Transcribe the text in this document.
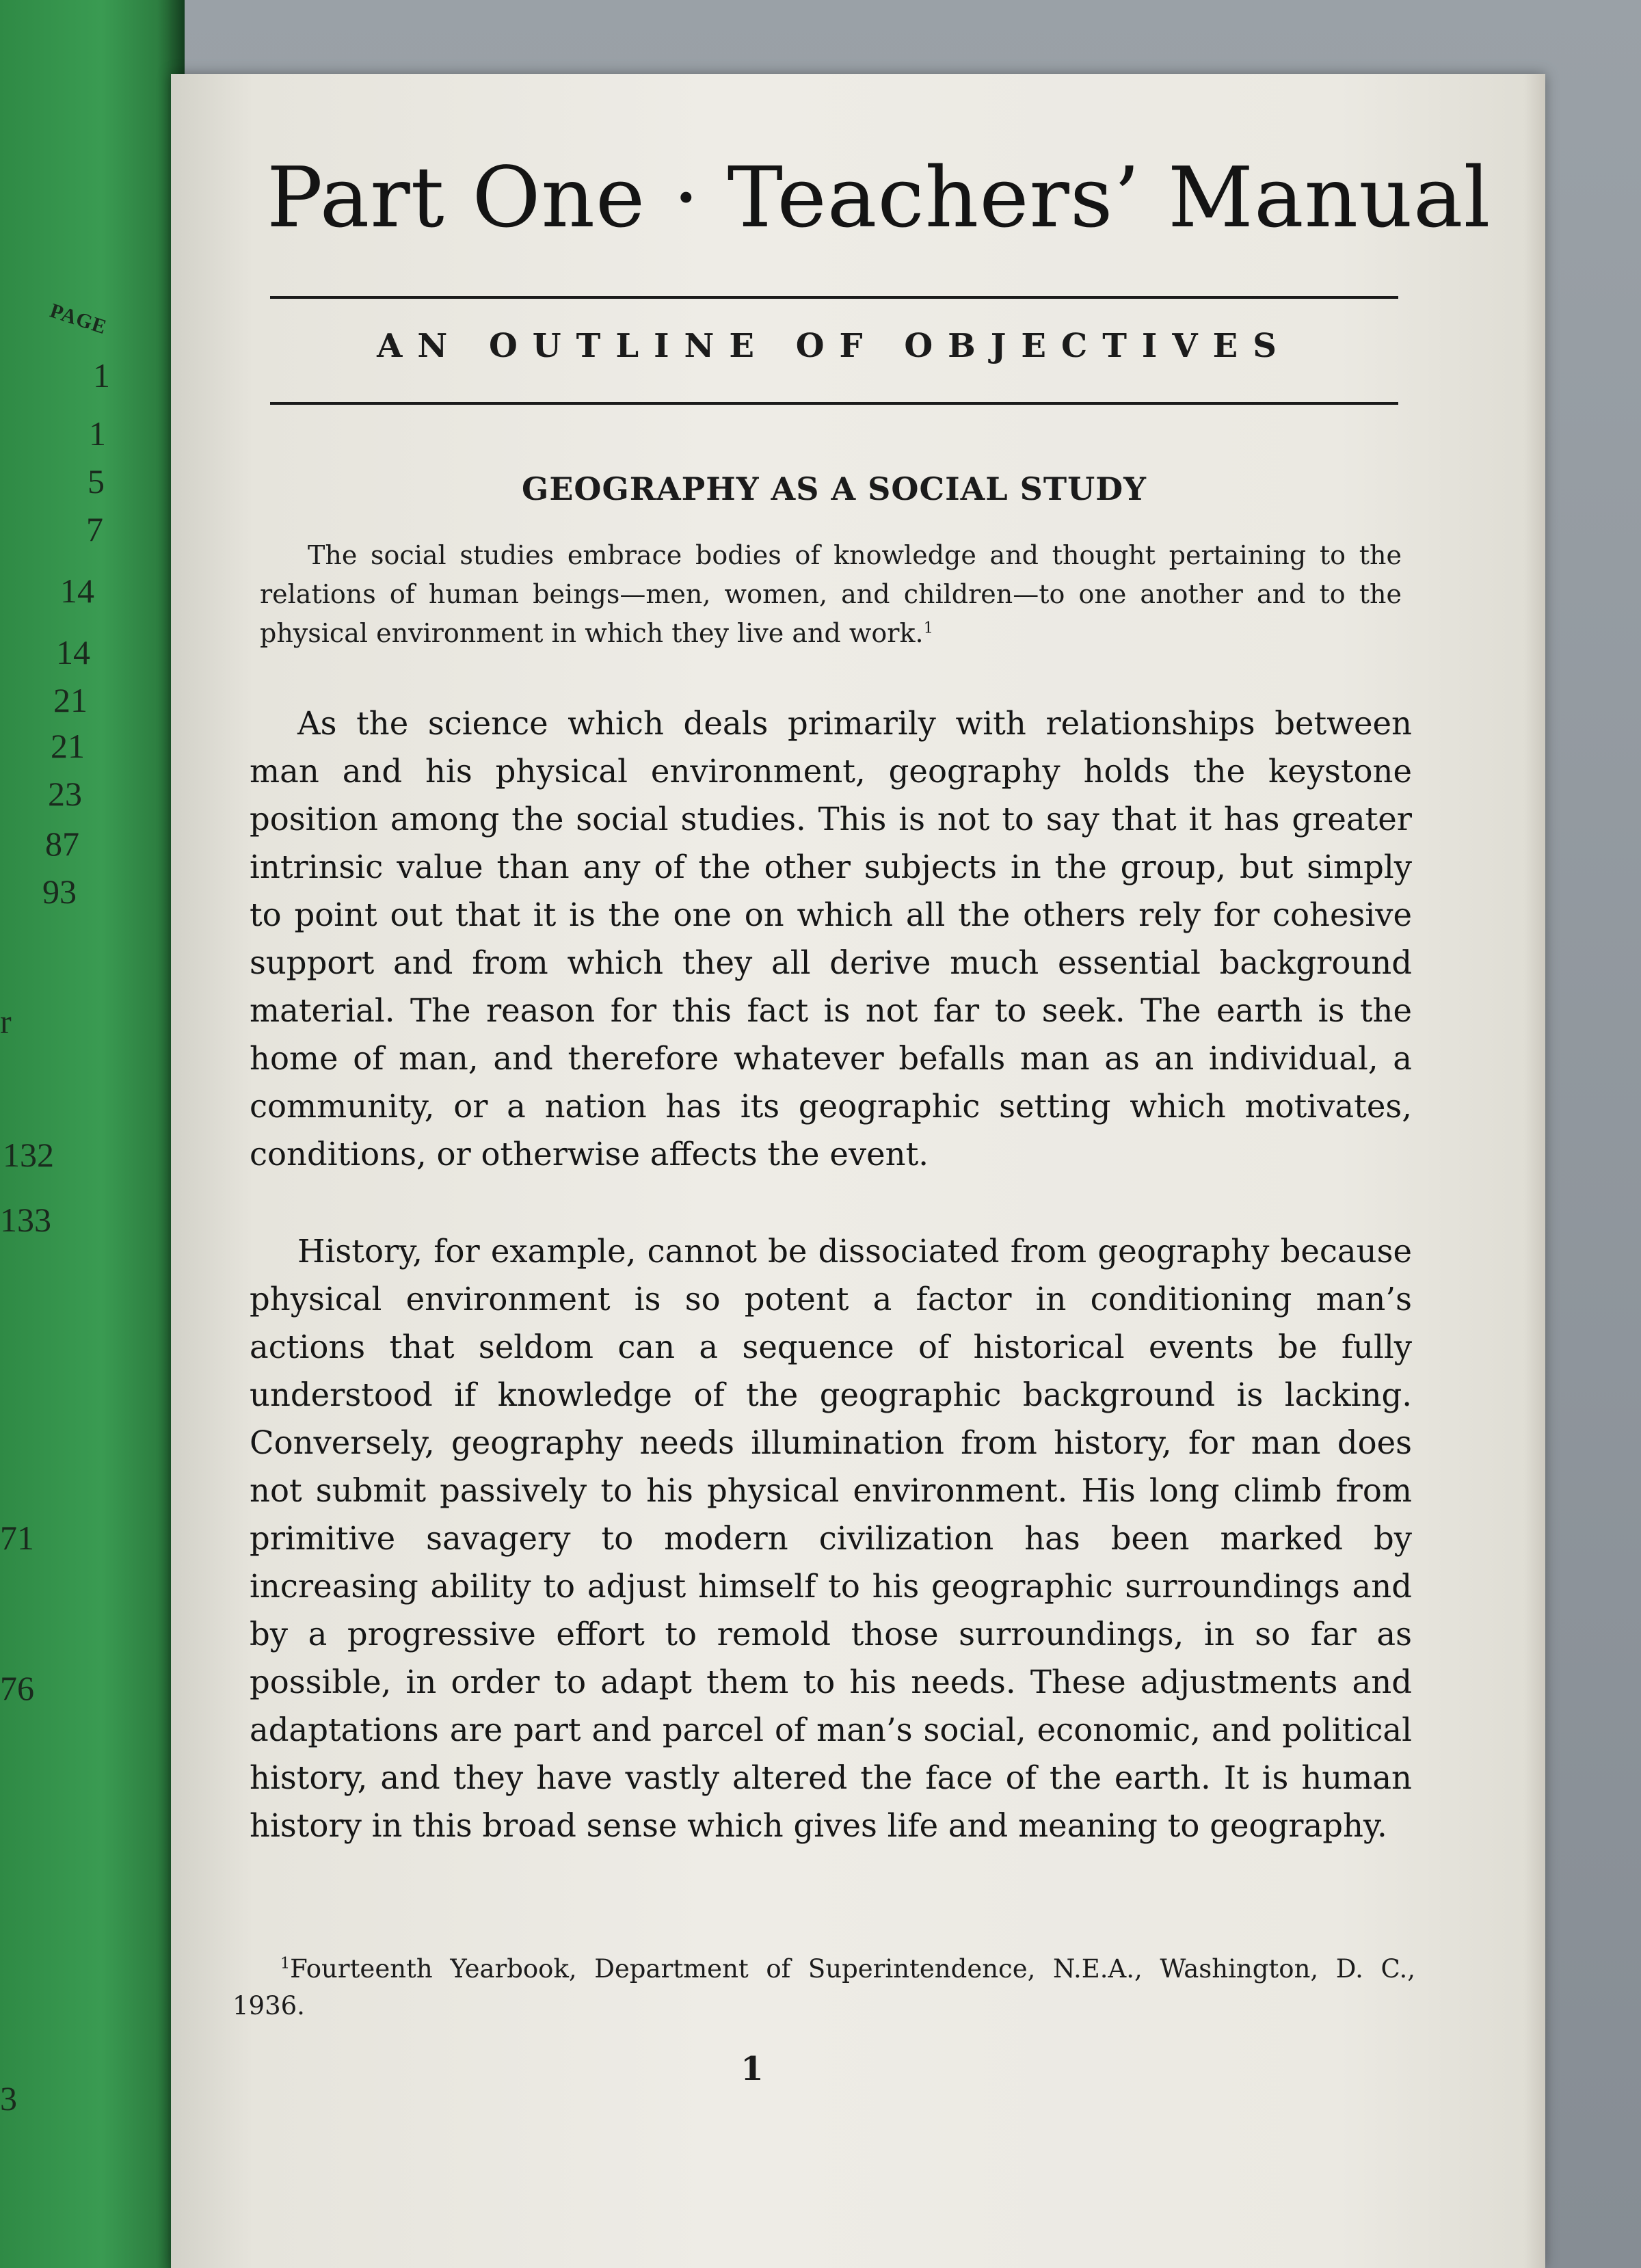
PAGE
1
1
5
7
14
14
21
21
23
87
93
r
132
133
71
76
3
Part One · Teachers’ Manual
AN OUTLINE OF OBJECTIVES
GEOGRAPHY AS A SOCIAL STUDY

The social studies embrace bodies of knowledge and thought pertaining to the relations of human beings—men, women, and children—to one another and to the physical environment in which they live and work.$^1$

As the science which deals primarily with relationships between man and his physical environment, geography holds the keystone position among the social studies. This is not to say that it has greater intrinsic value than any of the other subjects in the group, but simply to point out that it is the one on which all the others rely for cohesive support and from which they all derive much essential background material. The reason for this fact is not far to seek. The earth is the home of man, and therefore whatever befalls man as an individual, a community, or a nation has its geographic setting which motivates, conditions, or otherwise affects the event.

History, for example, cannot be dissociated from geography because physical environment is so potent a factor in conditioning man’s actions that seldom can a sequence of historical events be fully understood if knowledge of the geographic background is lacking. Conversely, geography needs illumination from history, for man does not submit passively to his physical environment. His long climb from primitive savagery to modern civilization has been marked by increasing ability to adjust himself to his geographic surroundings and by a progressive effort to remold those surroundings, in so far as possible, in order to adapt them to his needs. These adjustments and adaptations are part and parcel of man’s social, economic, and political history, and they have vastly altered the face of the earth. It is human history in this broad sense which gives life and meaning to geography.

$^1$Fourteenth Yearbook, Department of Superintendence, N.E.A., Washington, D. C., 1936.

1
